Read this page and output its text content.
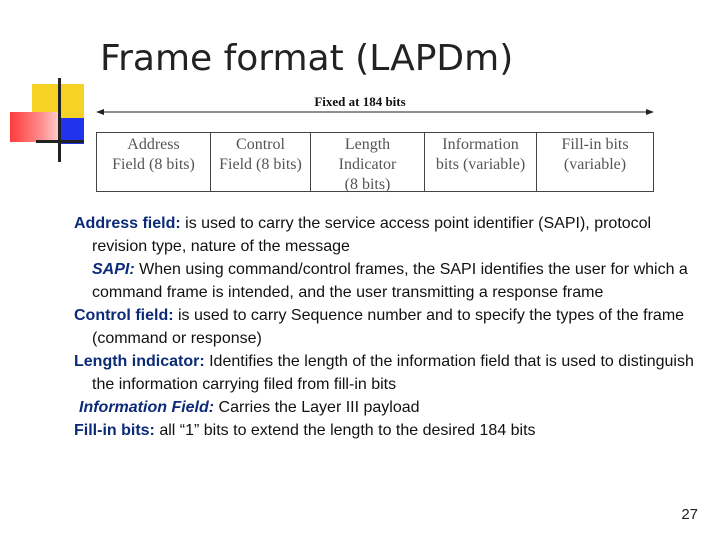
Frame format (LAPDm)
Fixed at 184 bits
Address
Field (8 bits)
Control
Field (8 bits)
Length
Indicator
(8 bits)
Information
bits (variable)
Fill-in bits
(variable)

Address field: is used to carry the service access point identifier (SAPI), protocol revision type, nature of the message

SAPI: When using command/control frames, the SAPI identifies the user for which a command frame is intended, and the user transmitting a response frame

Control field: is used to carry Sequence number and to specify the types of the frame (command or response)

Length indicator: Identifies the length of the information field that is used to distinguish the information carrying filed from fill-in bits

Information Field: Carries the Layer III payload

Fill-in bits: all “1” bits to extend the length to the desired 184 bits

27
